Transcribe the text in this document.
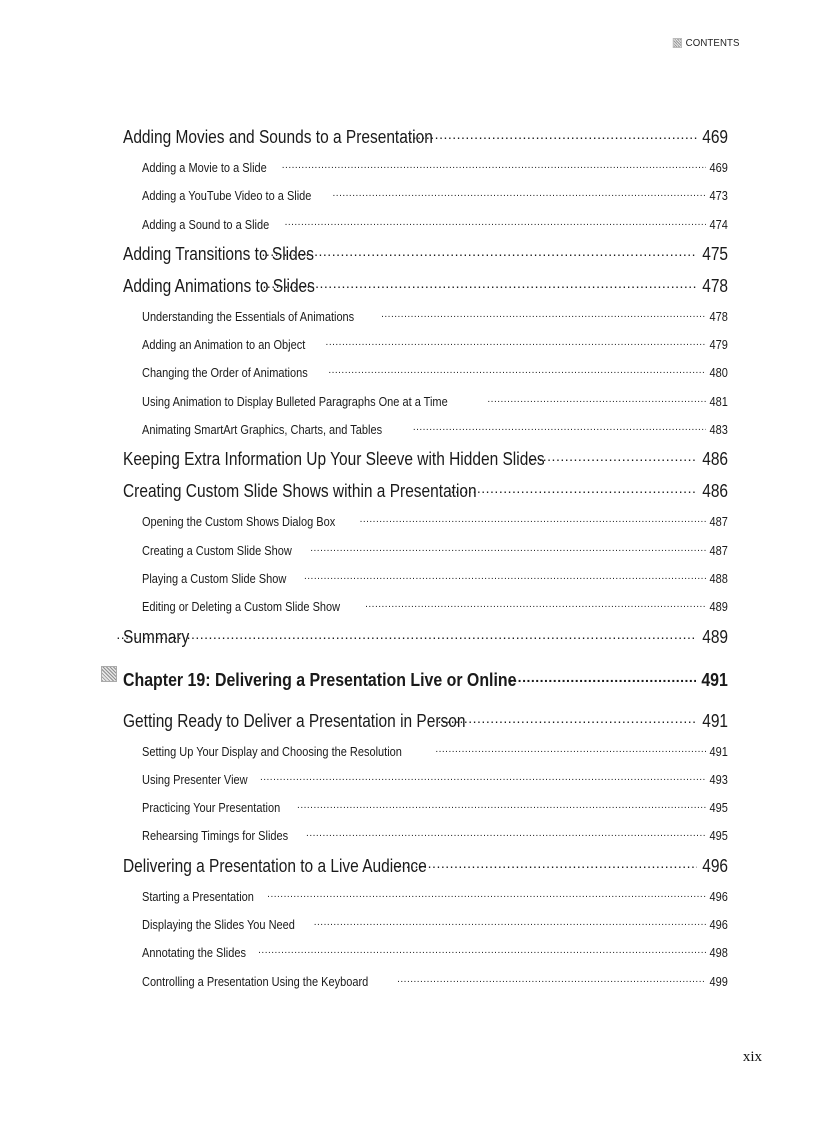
CONTENTS
Adding Movies and Sounds to a Presentation .....	469
Adding a Movie to a Slide .....	469
Adding a YouTube Video to a Slide .....	473
Adding a Sound to a Slide .....	474
Adding Transitions to Slides .....	475
Adding Animations to Slides .....	478
Understanding the Essentials of Animations .....	478
Adding an Animation to an Object .....	479
Changing the Order of Animations .....	480
Using Animation to Display Bulleted Paragraphs One at a Time .....	481
Animating SmartArt Graphics, Charts, and Tables .....	483
Keeping Extra Information Up Your Sleeve with Hidden Slides .....	486
Creating Custom Slide Shows within a Presentation .....	486
Opening the Custom Shows Dialog Box .....	487
Creating a Custom Slide Show .....	487
Playing a Custom Slide Show .....	488
Editing or Deleting a Custom Slide Show .....	489
Summary .....	489
Chapter 19: Delivering a Presentation Live or Online .....	491
Getting Ready to Deliver a Presentation in Person .....	491
Setting Up Your Display and Choosing the Resolution .....	491
Using Presenter View .....	493
Practicing Your Presentation .....	495
Rehearsing Timings for Slides .....	495
Delivering a Presentation to a Live Audience .....	496
Starting a Presentation .....	496
Displaying the Slides You Need .....	496
Annotating the Slides .....	498
Controlling a Presentation Using the Keyboard .....	499
xix
